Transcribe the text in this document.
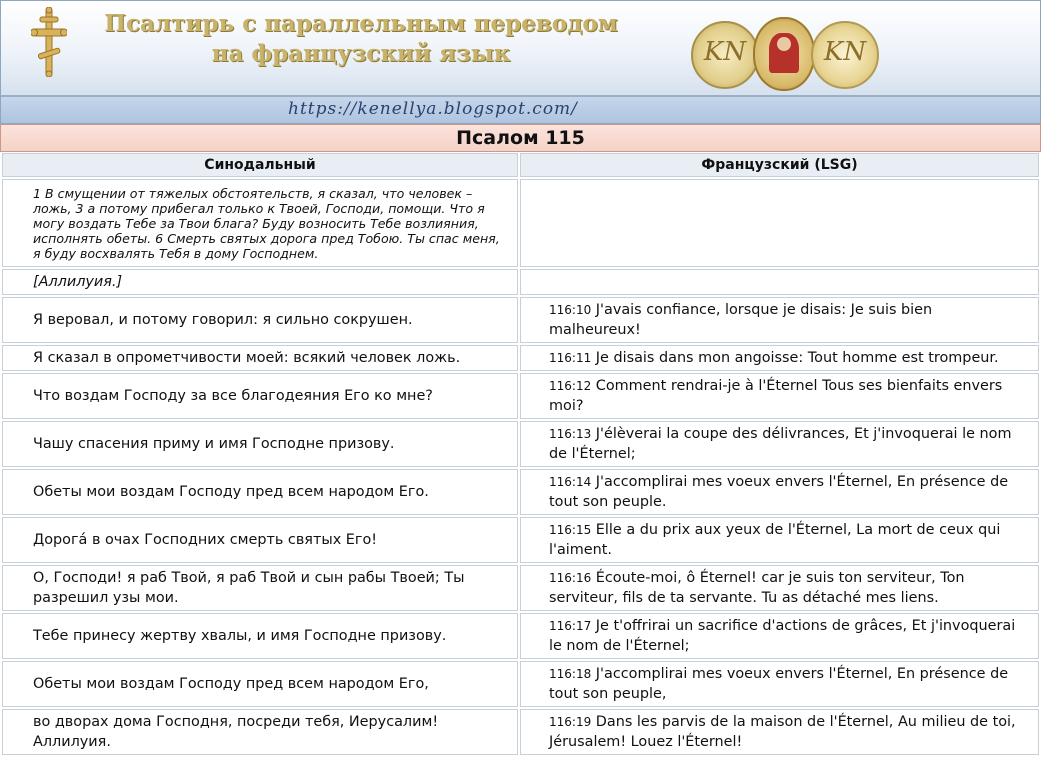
Псалтирь с параллельным переводом
на французский язык	KN	KN
https://kenellya.blogspot.com/
Псалом 115
Синодальный	Французский (LSG)
1 В смущении от тяжелых обстоятельств, я сказал, что человек – ложь, 3 а потому прибегал только к Твоей, Господи, помощи. Что я могу воздать Тебе за Твои блага? Буду возносить Тебе возлияния, исполнять обеты. 6 Смерть святых дорога пред Тобою. Ты спас меня, я буду восхвалять Тебя в дому Господнем.	
[Аллилуия.]	
Я веровал, и потому говорил: я сильно сокрушен.	116:10 J'avais confiance, lorsque je disais: Je suis bien malheureux!
Я сказал в опрометчивости моей: всякий человек ложь.	116:11 Je disais dans mon angoisse: Tout homme est trompeur.
Что воздам Господу за все благодеяния Его ко мне?	116:12 Comment rendrai-je à l'Éternel Tous ses bienfaits envers moi?
Чашу спасения приму и имя Господне призову.	116:13 J'élèverai la coupe des délivrances, Et j'invoquerai le nom de l'Éternel;
Обеты мои воздам Господу пред всем народом Его.	116:14 J'accomplirai mes voeux envers l'Éternel, En présence de tout son peuple.
Дорогá в очах Господних смерть святых Его!	116:15 Elle a du prix aux yeux de l'Éternel, La mort de ceux qui l'aiment.
О, Господи! я раб Твой, я раб Твой и сын рабы Твоей; Ты разрешил узы мои.	116:16 Écoute-moi, ô Éternel! car je suis ton serviteur, Ton serviteur, fils de ta servante. Tu as détaché mes liens.
Тебе принесу жертву хвалы, и имя Господне призову.	116:17 Je t'offrirai un sacrifice d'actions de grâces, Et j'invoquerai le nom de l'Éternel;
Обеты мои воздам Господу пред всем народом Его,	116:18 J'accomplirai mes voeux envers l'Éternel, En présence de tout son peuple,
во дворах дома Господня, посреди тебя, Иерусалим! Аллилуия.	116:19 Dans les parvis de la maison de l'Éternel, Au milieu de toi, Jérusalem! Louez l'Éternel!
